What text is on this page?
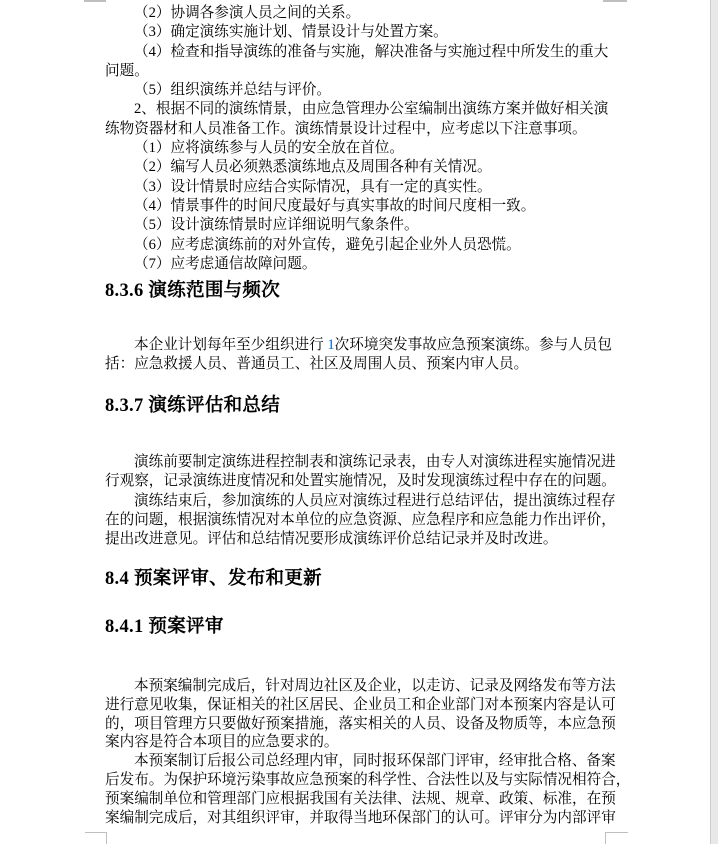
（2）协调各参演人员之间的关系。
（3）确定演练实施计划、情景设计与处置方案。
（4）检查和指导演练的准备与实施，解决准备与实施过程中所发生的重大
问题。
（5）组织演练并总结与评价。
2、根据不同的演练情景，由应急管理办公室编制出演练方案并做好相关演
练物资器材和人员准备工作。演练情景设计过程中，应考虑以下注意事项。
（1）应将演练参与人员的安全放在首位。
（2）编写人员必须熟悉演练地点及周围各种有关情况。
（3）设计情景时应结合实际情况，具有一定的真实性。
（4）情景事件的时间尺度最好与真实事故的时间尺度相一致。
（5）设计演练情景时应详细说明气象条件。
（6）应考虑演练前的对外宣传，避免引起企业外人员恐慌。
（7）应考虑通信故障问题。
8.3.6 演练范围与频次
本企业计划每年至少组织进行 1次环境突发事故应急预案演练。参与人员包
括：应急救援人员、普通员工、社区及周围人员、预案内审人员。
8.3.7 演练评估和总结
演练前要制定演练进程控制表和演练记录表，由专人对演练进程实施情况进
行观察，记录演练进度情况和处置实施情况，及时发现演练过程中存在的问题。
演练结束后，参加演练的人员应对演练过程进行总结评估，提出演练过程存
在的问题，根据演练情况对本单位的应急资源、应急程序和应急能力作出评价，
提出改进意见。评估和总结情况要形成演练评价总结记录并及时改进。
8.4 预案评审、发布和更新
8.4.1 预案评审
本预案编制完成后，针对周边社区及企业，以走访、记录及网络发布等方法
进行意见收集，保证相关的社区居民、企业员工和企业部门对本预案内容是认可
的，项目管理方只要做好预案措施，落实相关的人员、设备及物质等，本应急预
案内容是符合本项目的应急要求的。
本预案制订后报公司总经理内审，同时报环保部门评审，经审批合格、备案
后发布。为保护环境污染事故应急预案的科学性、合法性以及与实际情况相符合，
预案编制单位和管理部门应根据我国有关法律、法规、规章、政策、标准，在预
案编制完成后，对其组织评审，并取得当地环保部门的认可。评审分为内部评审
